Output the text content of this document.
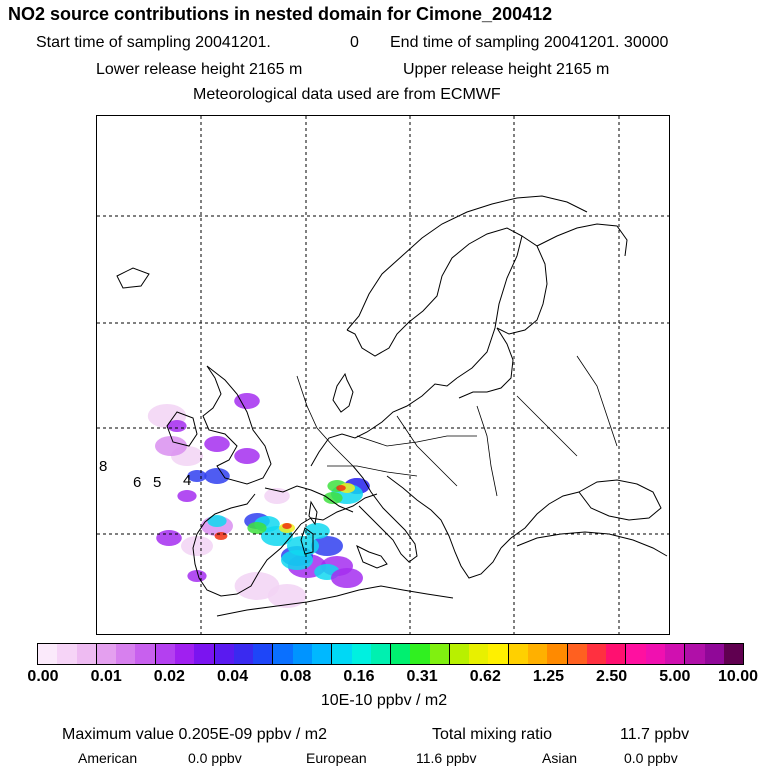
NO2 source contributions in nested domain for Cimone_200412
Start time of sampling 20041201.	0 End time of sampling 20041201. 30000
Lower release height 2165 m	Upper release height 2165 m
Meteorological data used are from ECMWF
8
6 5 4
0.00 0.01 0.02 0.04 0.08 0.16 0.31 0.62 1.25 2.50 5.00 10.00
10E-10 ppbv / m2
Maximum value 0.205E-09 ppbv / m2	Total mixing ratio	11.7 ppbv
American	0.0 ppbv	European	11.6 ppbv	Asian	0.0 ppbv
